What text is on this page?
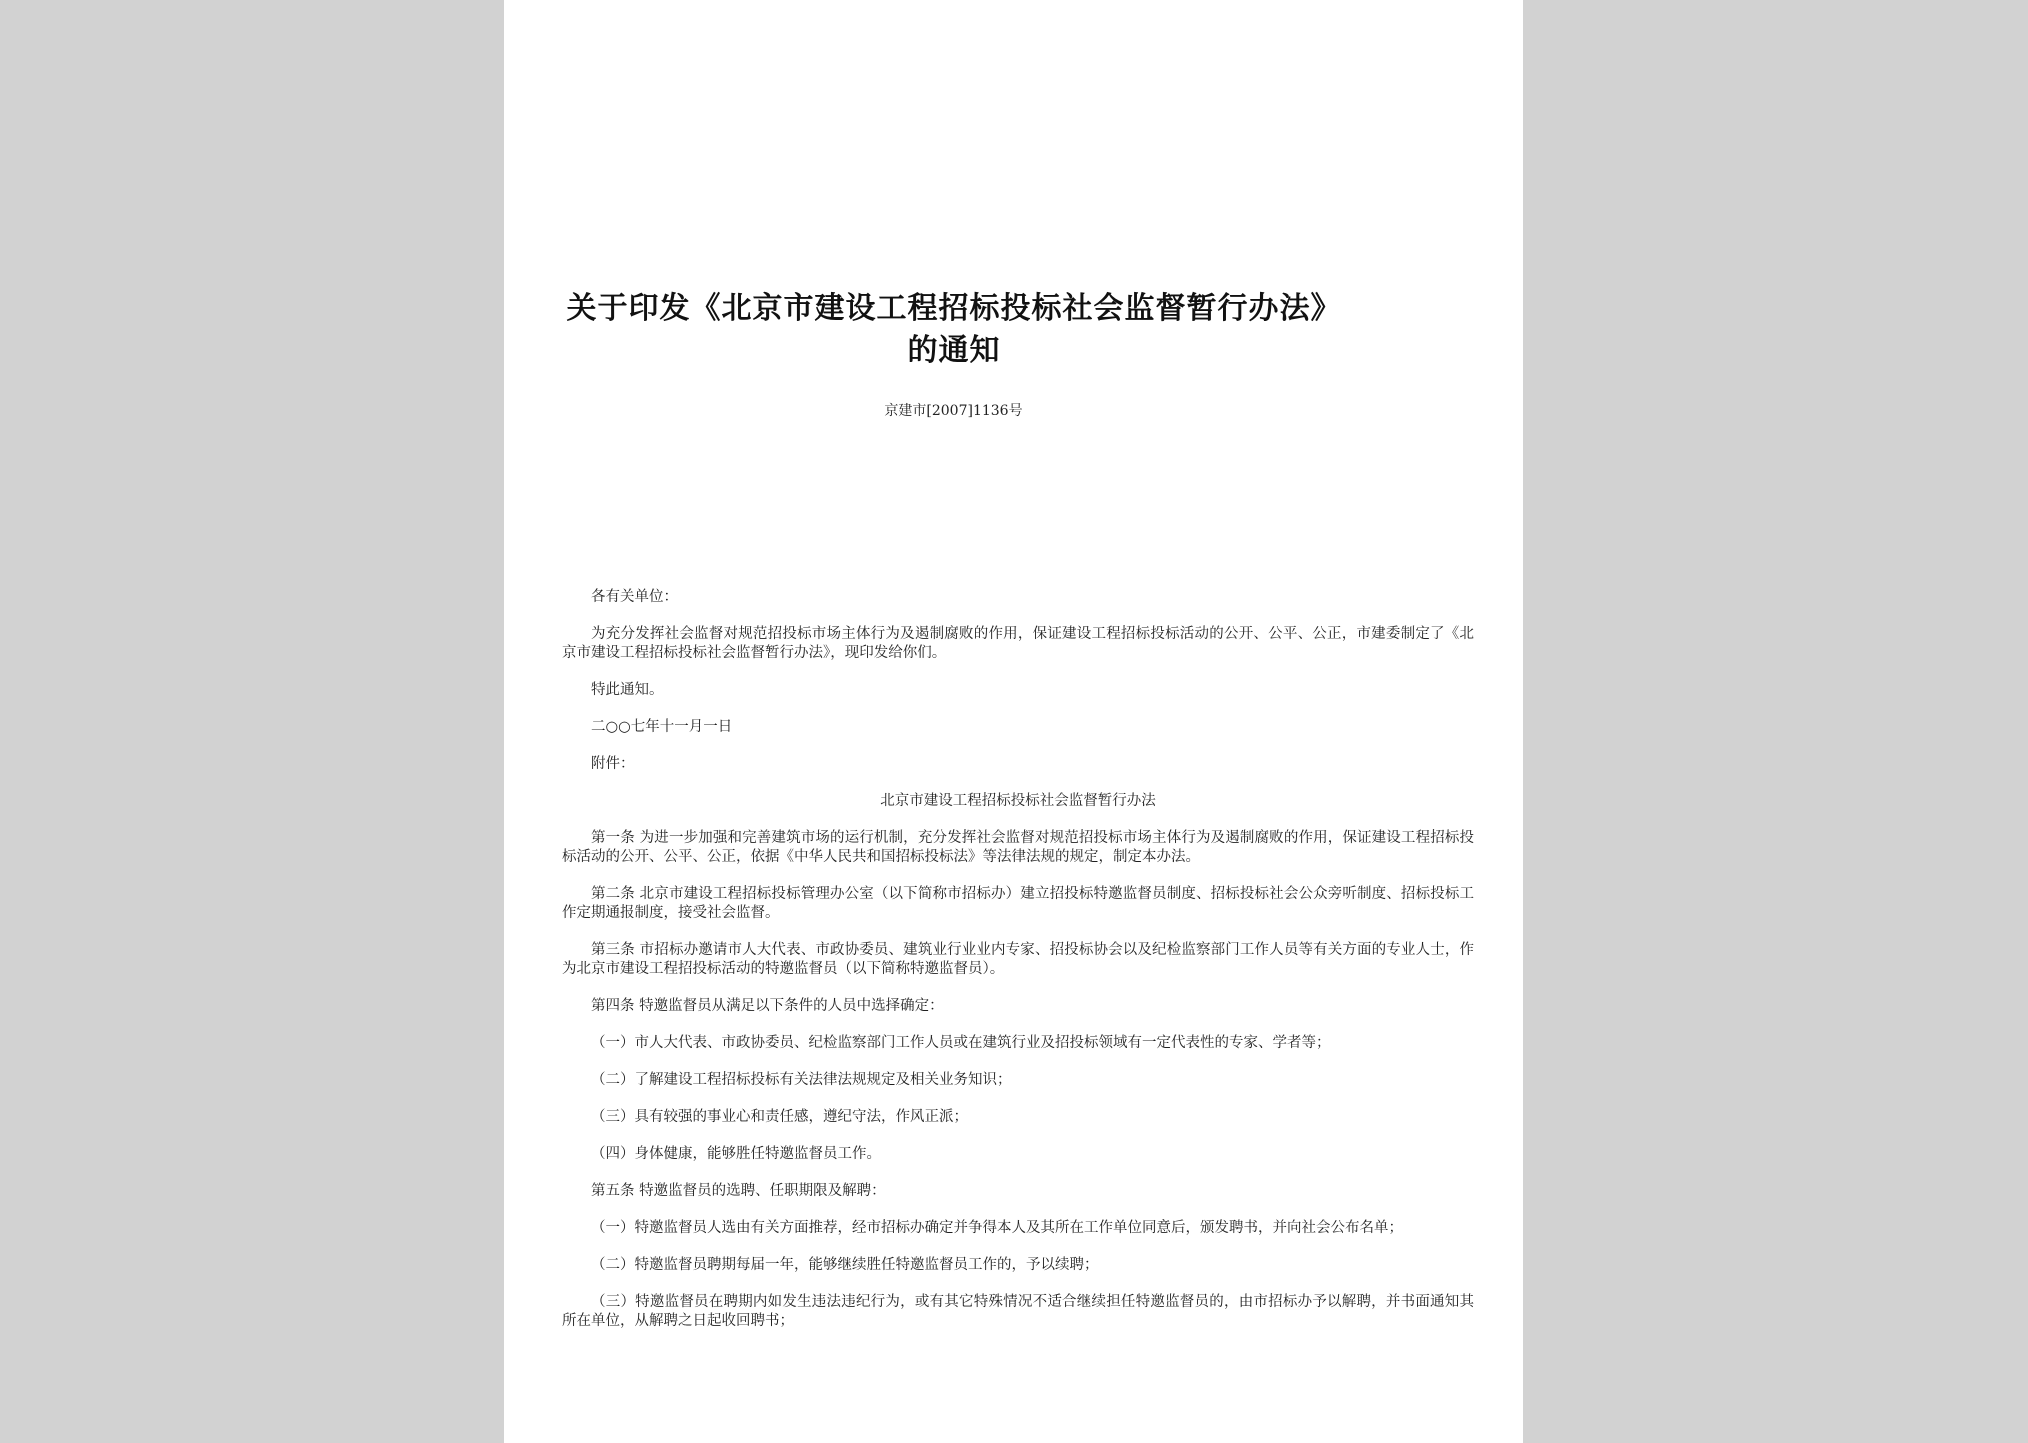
关于印发《北京市建设工程招标投标社会监督暂行办法》的通知
京建市[2007]1136号

各有关单位：

为充分发挥社会监督对规范招投标市场主体行为及遏制腐败的作用，保证建设工程招标投标活动的公开、公平、公正，市建委制定了《北京市建设工程招标投标社会监督暂行办法》，现印发给你们。

特此通知。

二○○七年十一月一日

附件：

北京市建设工程招标投标社会监督暂行办法

第一条 为进一步加强和完善建筑市场的运行机制，充分发挥社会监督对规范招投标市场主体行为及遏制腐败的作用，保证建设工程招标投标活动的公开、公平、公正，依据《中华人民共和国招标投标法》等法律法规的规定，制定本办法。

第二条 北京市建设工程招标投标管理办公室（以下简称市招标办）建立招投标特邀监督员制度、招标投标社会公众旁听制度、招标投标工作定期通报制度，接受社会监督。

第三条 市招标办邀请市人大代表、市政协委员、建筑业行业业内专家、招投标协会以及纪检监察部门工作人员等有关方面的专业人士，作为北京市建设工程招投标活动的特邀监督员（以下简称特邀监督员）。

第四条 特邀监督员从满足以下条件的人员中选择确定：

（一）市人大代表、市政协委员、纪检监察部门工作人员或在建筑行业及招投标领域有一定代表性的专家、学者等；

（二）了解建设工程招标投标有关法律法规规定及相关业务知识；

（三）具有较强的事业心和责任感，遵纪守法，作风正派；

（四）身体健康，能够胜任特邀监督员工作。

第五条 特邀监督员的选聘、任职期限及解聘：

（一）特邀监督员人选由有关方面推荐，经市招标办确定并争得本人及其所在工作单位同意后，颁发聘书，并向社会公布名单；

（二）特邀监督员聘期每届一年，能够继续胜任特邀监督员工作的，予以续聘；

（三）特邀监督员在聘期内如发生违法违纪行为，或有其它特殊情况不适合继续担任特邀监督员的，由市招标办予以解聘，并书面通知其所在单位，从解聘之日起收回聘书；
